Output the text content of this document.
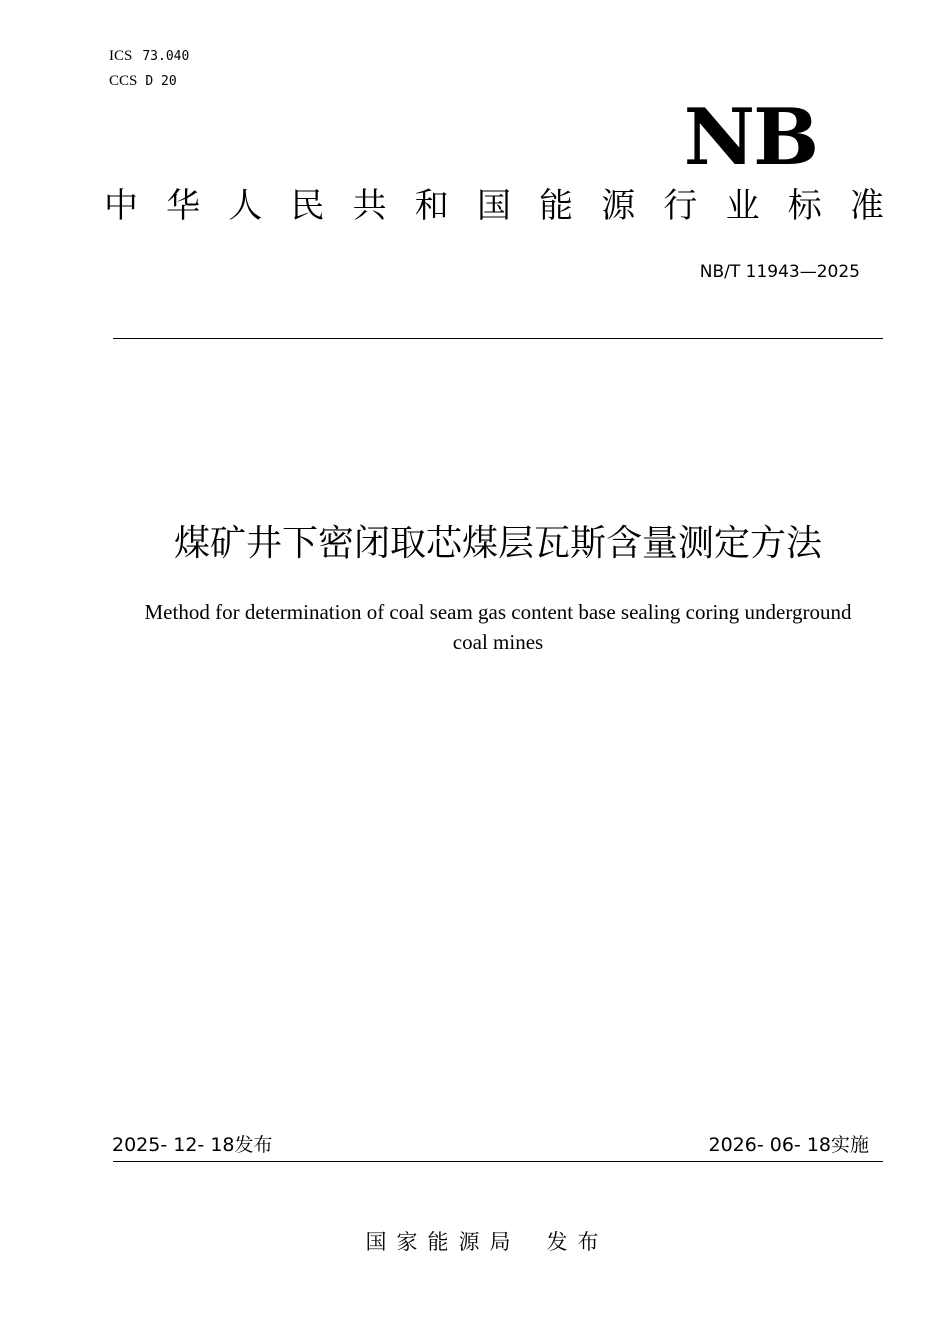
ICS 73.040
CCS D 20
NB
中 华 人 民 共 和 国 能 源 行 业 标 准
NB/T 11943—2025
煤矿井下密闭取芯煤层瓦斯含量测定方法
Method for determination of coal seam gas content base sealing coring underground
coal mines
2025- 12- 18发布	2026- 06- 18实施
国家能源局 发布
